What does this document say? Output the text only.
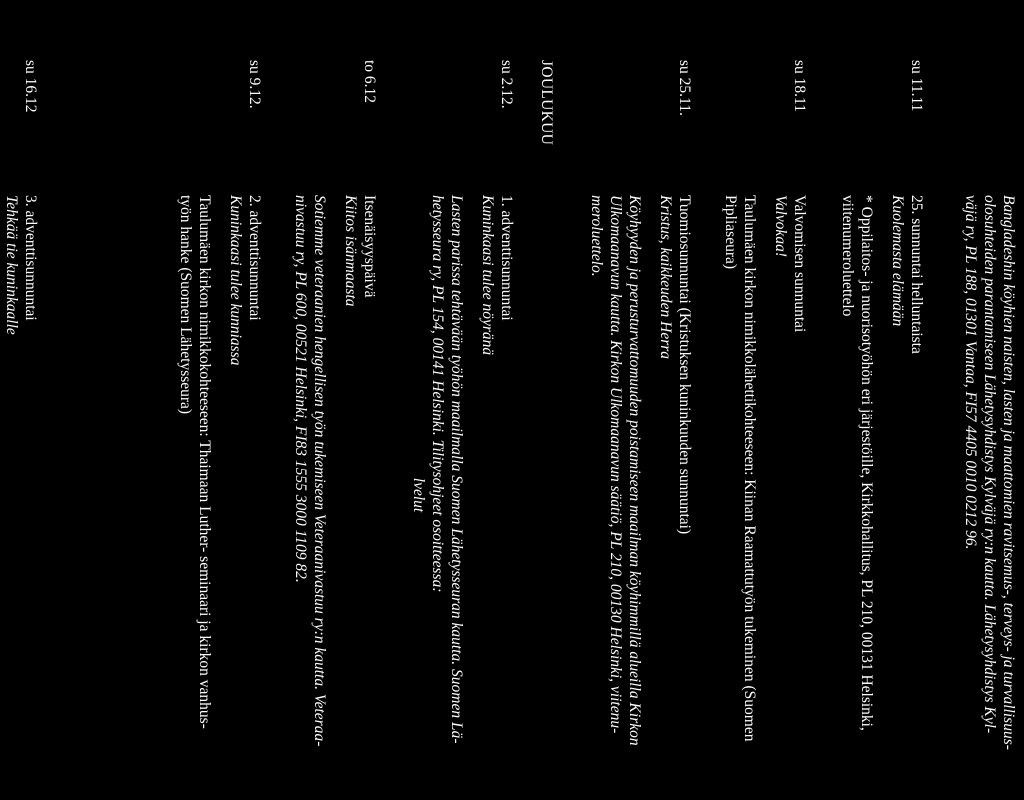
Bangladeshin köyhien naisten, lasten ja maattomien ravitsemus-, terveys- ja turvallisuus-
olosuhteiden parantamiseen Lähetysyhdistys Kylväjä ry:n kautta. Lähetysyhdistys Kyl-
väjä ry, PL 188, 01301 Vantaa, FI57 4405 0010 0212 96.
su 11.11
25. sunnuntai helluntaista
Kuolemasta elämään
* Oppilaitos- ja nuorisotyöhön eri järjestöille, Kirkkohallitus, PL 210, 00131 Helsinki,
viitenumeroluettelo
su 18.11
Valvomisen sunnuntai
Valvokaa!
Taulumäen kirkon nimikkolähettikohteeseen: Kiinan Raamattutyön tukeminen (Suomen
Pipliaseura)
su 25.11.
Tuomiosunnuntai (Kristuksen kuninkuuden sunnuntai)
Kristus, kaikkeuden Herra
Köyhyyden ja perusturvattomuuden poistamiseen maailman köyhimmillä alueilla Kirkon
Ulkomaanavun kautta. Kirkon Ulkomaanavun säätiö, PL 210, 00130 Helsinki, viitenu-
meroluettelo.
JOULUKUU
su 2.12.
1. adventtisunnuntai
Kuninkaasi tulee nöyränä
Lasten parissa tehtävään työhön maailmalla Suomen Lähetysseuran kautta. Suomen Lä-
hetysseura ry, PL 154, 00141 Helsinki. Tilitysohjeet osoitteessa:
lvelut
to 6.12
Itsenäisyyspäivä
Kiitos isänmaasta
Sotiemme veteraanien hengellisen työn tukemiseen Veteraanivastuu ry:n kautta. Veteraa-
nivastuu ry, PL 600, 00521 Helsinki, FI83 1555 3000 1109 82.
su 9.12.
2. adventtisunnuntai
Kuninkaasi tulee kunniassa
Taulumäen kirkon nimikkokohteeseen: Thaimaan Luther- seminaari ja kirkon vanhus-
työn hanke (Suomen Lähetysseura)
su 16.12
3. adventtisunnuntai
Tehkää tie kuninkaalle
